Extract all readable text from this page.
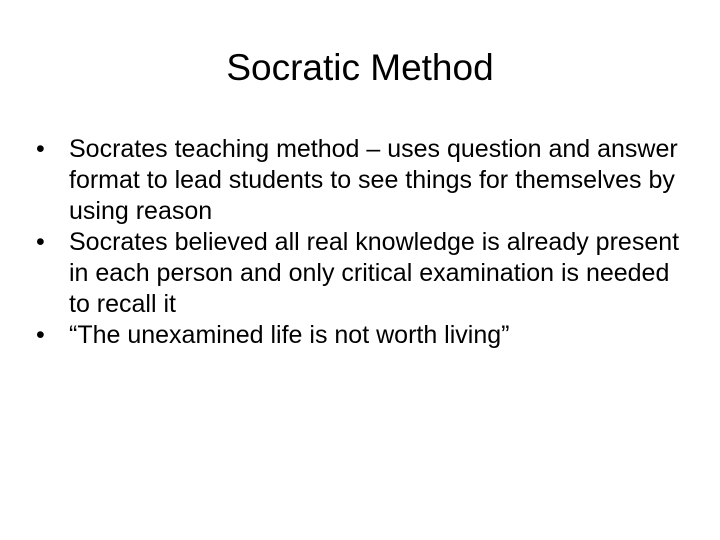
Socratic Method
• Socrates teaching method – uses question and answer format to lead students to see things for themselves by using reason
• Socrates believed all real knowledge is already present in each person and only critical examination is needed to recall it
• “The unexamined life is not worth living”
